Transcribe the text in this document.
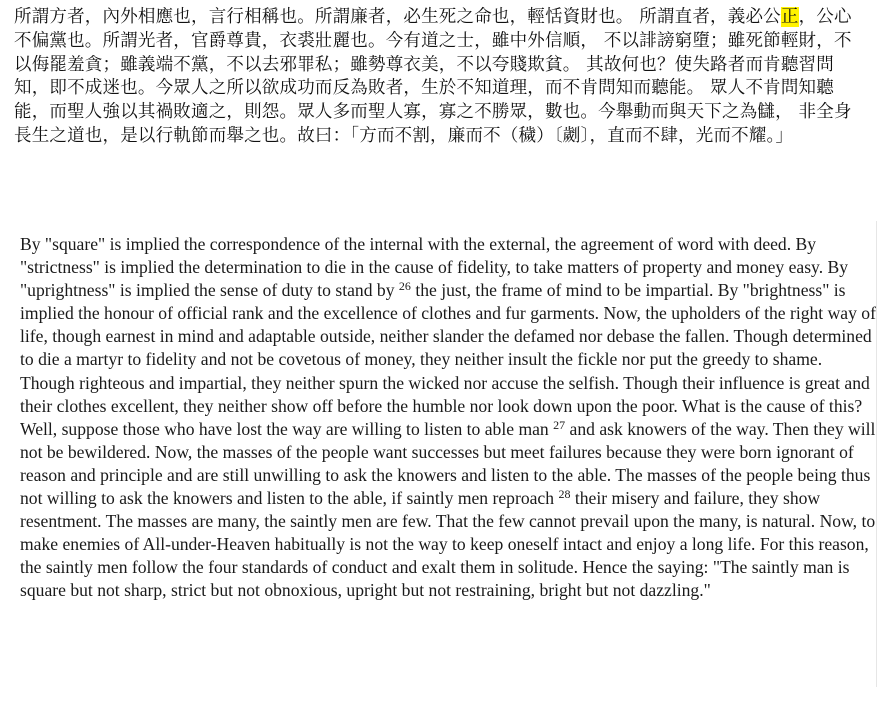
所謂方者，內外相應也，言行相稱也。所謂廉者，必生死之命也，輕恬資財也。 所謂直者，義必公正，公心不偏黨也。所謂光者，官爵尊貴，衣裘壯麗也。今有道之士，雖中外信順， 不以誹謗窮墮；雖死節輕財，不以侮罷羞貪；雖義端不黨，不以去邪罪私；雖勢尊衣美，不以夸賤欺貧。 其故何也？使失路者而肯聽習問知，即不成迷也。今眾人之所以欲成功而反為敗者，生於不知道理，而不肯問知而聽能。 眾人不肯問知聽能，而聖人強以其禍敗適之，則怨。眾人多而聖人寡，寡之不勝眾，數也。今舉動而與天下之為讎， 非全身長生之道也，是以行軌節而舉之也。故曰：「方而不割，廉而不（穢）〔劌〕，直而不肆，光而不耀。」
By "square" is implied the correspondence of the internal with the external, the agreement of word with deed. By "strictness" is implied the determination to die in the cause of fidelity, to take matters of property and money easy. By "uprightness" is implied the sense of duty to stand by $^{26}$ the just, the frame of mind to be impartial. By "brightness" is implied the honour of official rank and the excellence of clothes and fur garments. Now, the upholders of the right way of life, though earnest in mind and adaptable outside, neither slander the defamed nor debase the fallen. Though determined to die a martyr to fidelity and not be covetous of money, they neither insult the fickle nor put the greedy to shame. Though righteous and impartial, they neither spurn the wicked nor accuse the selfish. Though their influence is great and their clothes excellent, they neither show off before the humble nor look down upon the poor. What is the cause of this? Well, suppose those who have lost the way are willing to listen to able man $^{27}$ and ask knowers of the way. Then they will not be bewildered. Now, the masses of the people want successes but meet failures because they were born ignorant of reason and principle and are still unwilling to ask the knowers and listen to the able. The masses of the people being thus not willing to ask the knowers and listen to the able, if saintly men reproach $^{28}$ their misery and failure, they show resentment. The masses are many, the saintly men are few. That the few cannot prevail upon the many, is natural. Now, to make enemies of All-under-Heaven habitually is not the way to keep oneself intact and enjoy a long life. For this reason, the saintly men follow the four standards of conduct and exalt them in solitude. Hence the saying: "The saintly man is square but not sharp, strict but not obnoxious, upright but not restraining, bright but not dazzling."
